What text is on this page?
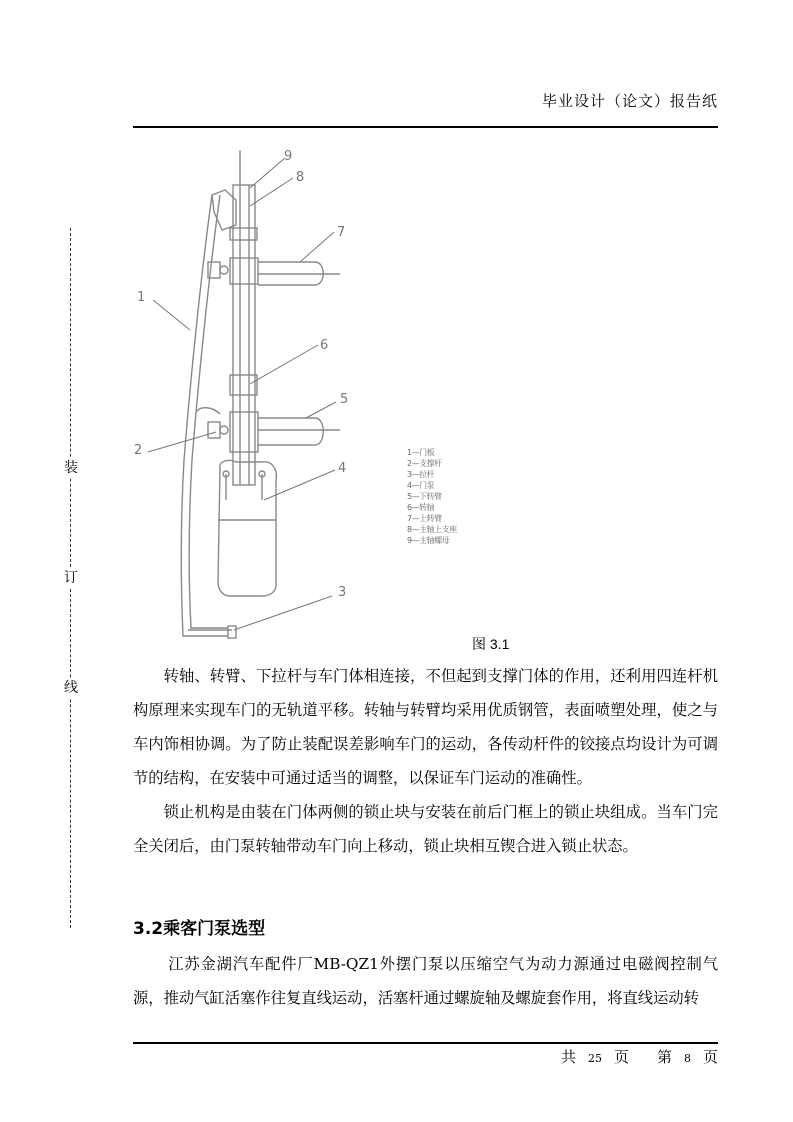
毕业设计（论文）报告纸
装
订
线
1
2
3
4
5
6
7
8
9
1—门板
2—支撑杆
3—拉杆
4—门泵
5—下转臂
6—转轴
7—上转臂
8—主轴上支座
9—主轴螺母
图 3.1

转轴、转臂、下拉杆与车门体相连接，不但起到支撑门体的作用，还利用四连杆机构原理来实现车门的无轨道平移。转轴与转臂均采用优质钢管，表面喷塑处理，使之与车内饰相协调。为了防止装配误差影响车门的运动，各传动杆件的铰接点均设计为可调节的结构，在安装中可通过适当的调整，以保证车门运动的准确性。

锁止机构是由装在门体两侧的锁止块与安装在前后门框上的锁止块组成。当车门完全关闭后，由门泵转轴带动车门向上移动，锁止块相互锲合进入锁止状态。

3.2乘客门泵选型

江苏金湖汽车配件厂MB-QZ1外摆门泵以压缩空气为动力源通过电磁阀控制气源，推动气缸活塞作往复直线运动，活塞杆通过螺旋轴及螺旋套作用，将直线运动转

共 25 页 第 8 页
